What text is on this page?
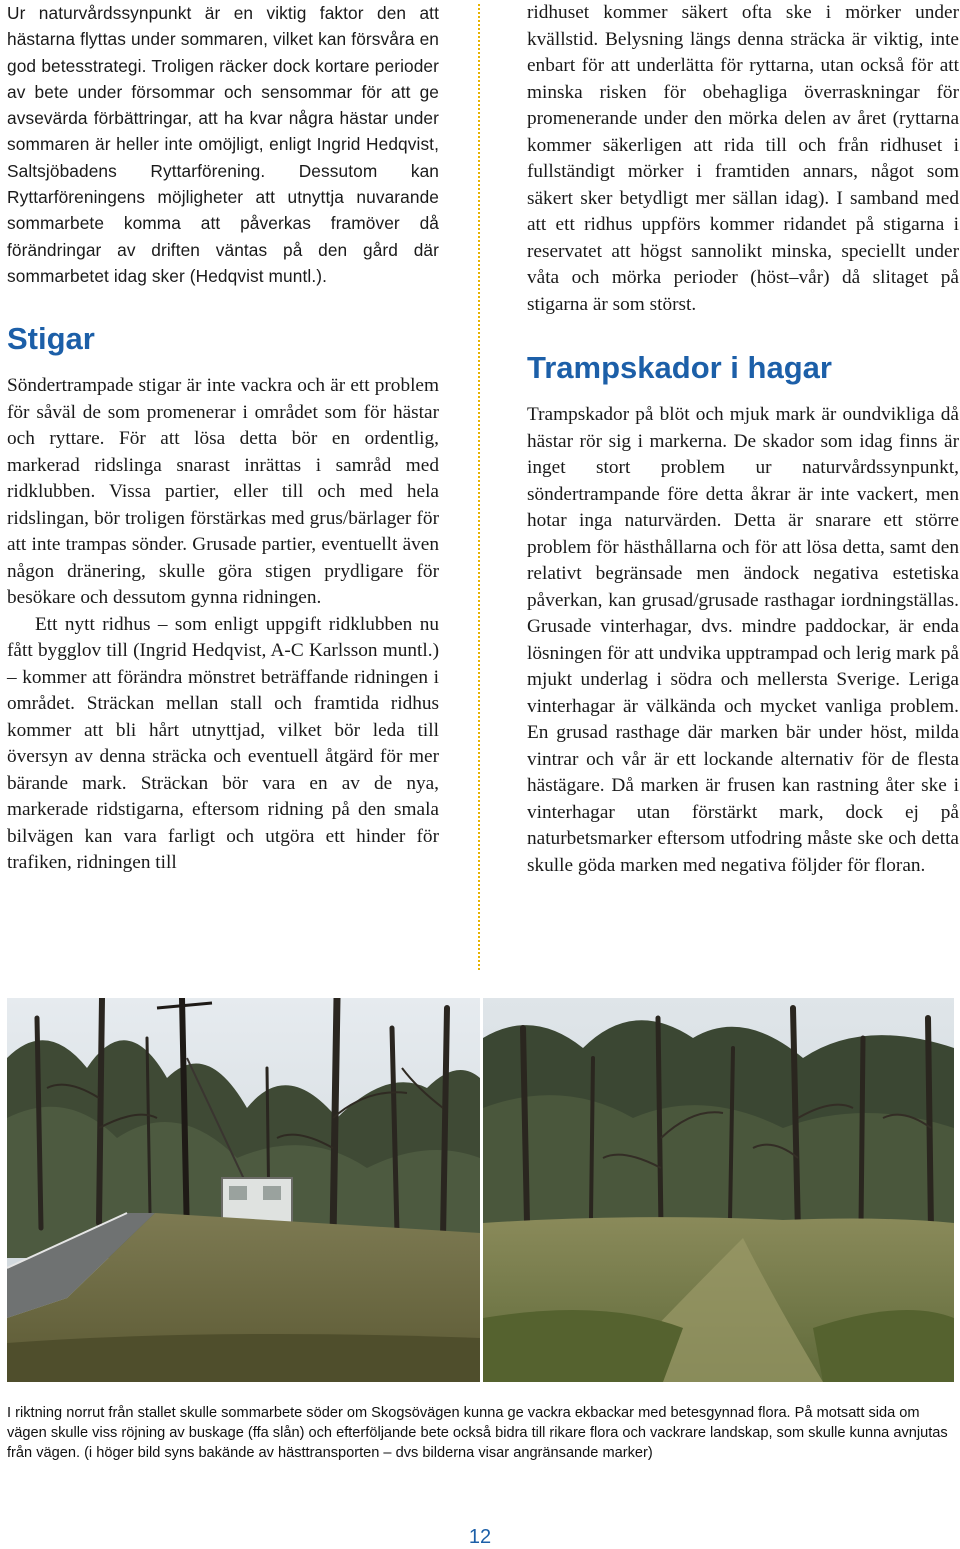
Ur naturvårdssynpunkt är en viktig faktor den att hästarna flyttas under sommaren, vilket kan försvåra en god betesstrategi. Troligen räcker dock kortare perioder av bete under försommar och sensommar för att ge avsevärda förbättringar, att ha kvar några hästar under sommaren är heller inte omöjligt, enligt Ingrid Hedqvist, Saltsjöbadens Ryttarförening. Dessutom kan Ryttarföreningens möjligheter att utnyttja nuvarande sommarbete komma att påverkas framöver då förändringar av driften väntas på den gård där sommarbetet idag sker (Hedqvist muntl.).

Stigar

Söndertrampade stigar är inte vackra och är ett problem för såväl de som promenerar i området som för hästar och ryttare. För att lösa detta bör en ordentlig, markerad ridslinga snarast inrättas i samråd med ridklubben. Vissa partier, eller till och med hela ridslingan, bör troligen förstärkas med grus/bärlager för att inte trampas sönder. Grusade partier, eventuellt även någon dränering, skulle göra stigen prydligare för besökare och dessutom gynna ridningen.

Ett nytt ridhus – som enligt uppgift ridklubben nu fått bygglov till (Ingrid Hedqvist, A-C Karlsson muntl.) – kommer att förändra mönstret beträffande ridningen i området. Sträckan mellan stall och framtida ridhus kommer att bli hårt utnyttjad, vilket bör leda till översyn av denna sträcka och eventuell åtgärd för mer bärande mark. Sträckan bör vara en av de nya, markerade ridstigarna, eftersom ridning på den smala bilvägen kan vara farligt och utgöra ett hinder för trafiken, ridningen till

ridhuset kommer säkert ofta ske i mörker under kvällstid. Belysning längs denna sträcka är viktig, inte enbart för att underlätta för ryttarna, utan också för att minska risken för obehagliga överraskningar för promenerande under den mörka delen av året (ryttarna kommer säkerligen att rida till och från ridhuset i fullständigt mörker i framtiden annars, något som säkert sker betydligt mer sällan idag). I samband med att ett ridhus uppförs kommer ridandet på stigarna i reservatet att högst sannolikt minska, speciellt under våta och mörka perioder (höst–vår) då slitaget på stigarna är som störst.

Trampskador i hagar

Trampskador på blöt och mjuk mark är oundvikliga då hästar rör sig i markerna. De skador som idag finns är inget stort problem ur naturvårdssynpunkt, söndertrampande före detta åkrar är inte vackert, men hotar inga naturvärden. Detta är snarare ett större problem för hästhållarna och för att lösa detta, samt den relativt begränsade men ändock negativa estetiska påverkan, kan grusad/grusade rasthagar iordningställas. Grusade vinterhagar, dvs. mindre paddockar, är enda lösningen för att undvika upptrampad och lerig mark på mjukt underlag i södra och mellersta Sverige. Leriga vinterhagar är välkända och mycket vanliga problem. En grusad rasthage där marken bär under höst, milda vintrar och vår är ett lockande alternativ för de flesta hästägare. Då marken är frusen kan rastning åter ske i vinterhagar utan förstärkt mark, dock ej på naturbetsmarker eftersom utfodring måste ske och detta skulle göda marken med negativa följder för floran.

I riktning norrut från stallet skulle sommarbete söder om Skogsövägen kunna ge vackra ekbackar med betesgynnad flora. På motsatt sida om vägen skulle viss röjning av buskage (ffa slån) och efterföljande bete också bidra till rikare flora och vackrare landskap, som skulle kunna avnjutas från vägen. (i höger bild syns bakände av hästtransporten – dvs bilderna visar angränsande marker)

12
